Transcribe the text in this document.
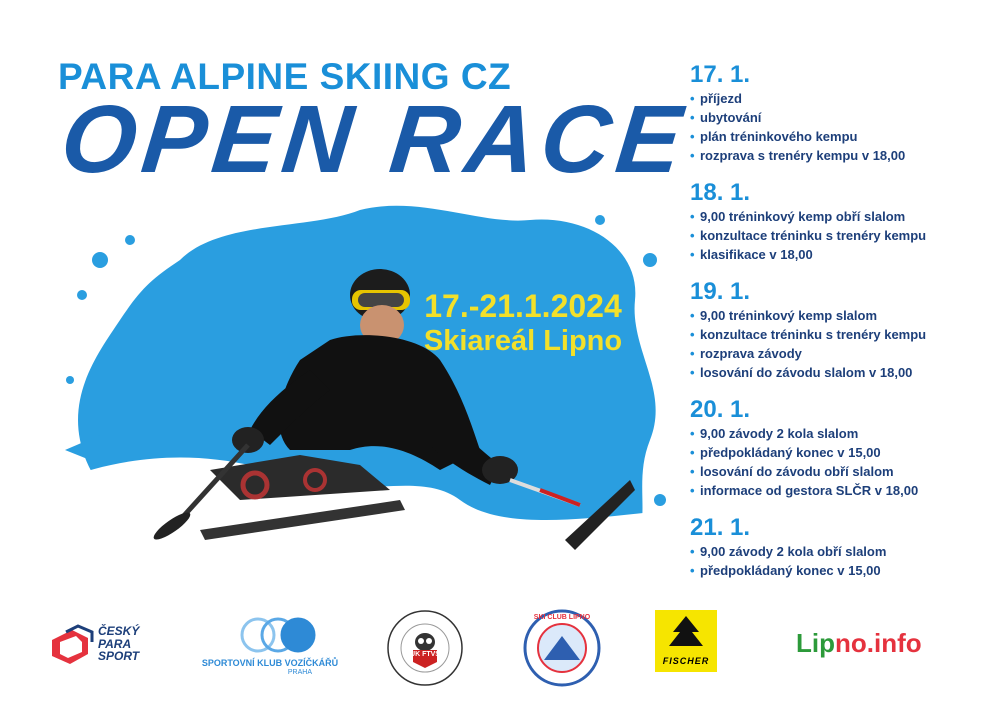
PARA ALPINE SKIING CZ
OPEN RACE
17.-21.1.2024
Skiareál Lipno
17. 1.
• příjezd
• ubytování
• plán tréninkového kempu
• rozprava s trenéry kempu v 18,00
18. 1.
• 9,00 tréninkový kemp obří slalom
• konzultace tréninku s trenéry kempu
• klasifikace v 18,00
19. 1.
• 9,00 tréninkový kemp slalom
• konzultace tréninku s trenéry kempu
• rozprava závody
• losování do závodu slalom v 18,00
20. 1.
• 9,00 závody 2 kola slalom
• předpokládaný konec v 15,00
• losování do závodu obří slalom
• informace od gestora SLČR v 18,00
21. 1.
• 9,00 závody 2 kola obří slalom
• předpokládaný konec v 15,00
ČESKÝ
PARA
SPORT	SPORTOVNÍ KLUB VOZÍČKÁŘŮ
PRAHA
UK FTVS
SKI CLUB LIPNO
FISCHER
Lipno.info
